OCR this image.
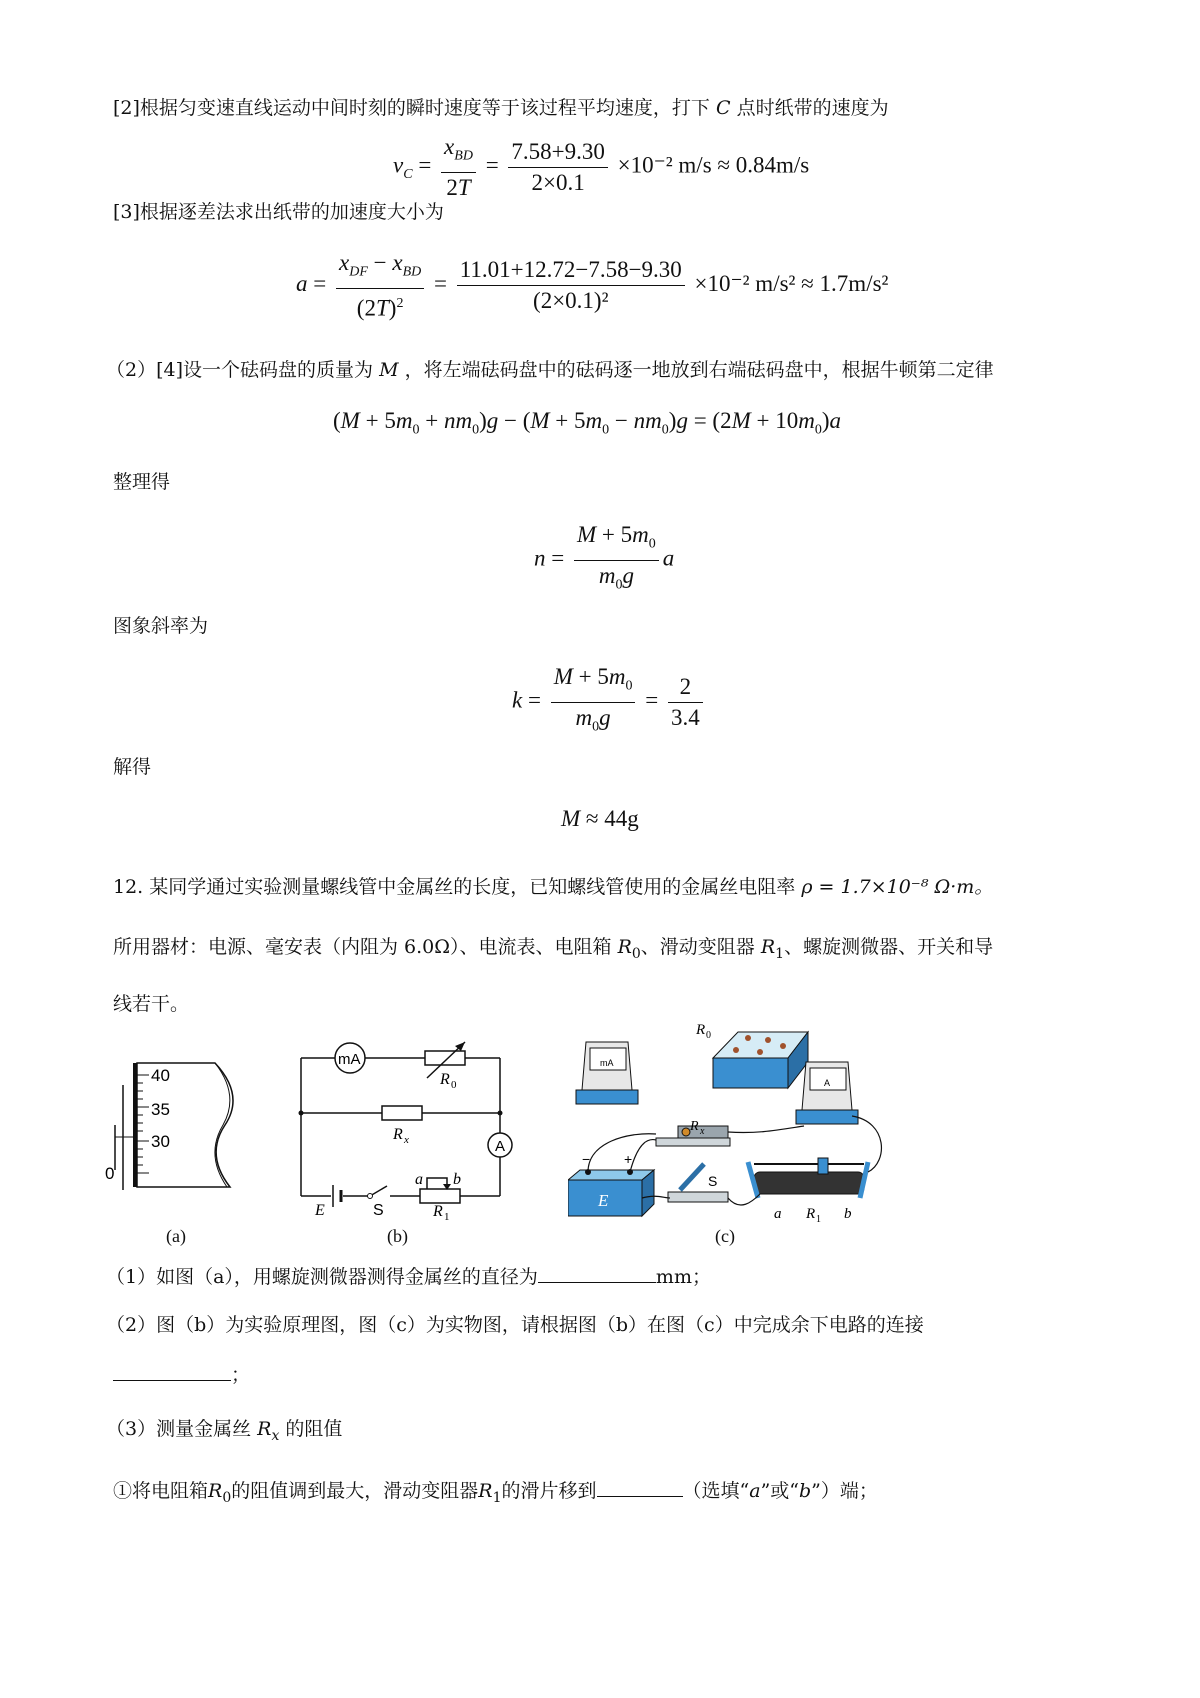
[2]根据匀变速直线运动中间时刻的瞬时速度等于该过程平均速度，打下 C 点时纸带的速度为
$v_C = \frac{x_{BD}}{2T} = \frac{7.58+9.30}{2\times 0.1} \times 10^{-2}$ m/s ≈ 0.84m/s
[3]根据逐差法求出纸带的加速度大小为
$a = \frac{x_{DF} - x_{BD}}{(2T)^2} = \frac{11.01+12.72-7.58-9.30}{\text{(2×0.1)²}} \times 10^{-2}$ m/s² ≈ 1.7m/s²
（2）[4]设一个砝码盘的质量为 M ，将左端砝码盘中的砝码逐一地放到右端砝码盘中，根据牛顿第二定律
$(M + 5m_0 + nm_0)g - (M + 5m_0 - nm_0)g = (2M + 10m_0)a$
整理得
$n = \frac{M + 5m_0}{m_0g}$ a
图象斜率为
$k = \frac{M + 5m_0}{m_0g} = \frac{2}{3.4}$
解得
M ≈ 44g
12. 某同学通过实验测量螺线管中金属丝的长度，已知螺线管使用的金属丝电阻率 ρ = 1.7×10⁻⁸ Ω·m。
所用器材：电源、毫安表（内阻为 6.0Ω）、电流表、电阻箱 $R_0$、滑动变阻器 $R_1$、螺旋测微器、开关和导
线若干。
40
35
30
0
(a)
mA
A
R 0
R x
E	S
a b
R 1
(b)
mA
R 0
A
R x
− +
E
S
a R 1 b
(c)
（1）如图（a），用螺旋测微器测得金属丝的直径为	mm；
（2）图（b）为实验原理图，图（c）为实物图，请根据图（b）在图（c）中完成余下电路的连接
；
（3）测量金属丝 $R_x$ 的阻值
①将电阻箱$R_0$的阻值调到最大，滑动变阻器$R_1$的滑片移到	（选填“a”或“b”）端；
